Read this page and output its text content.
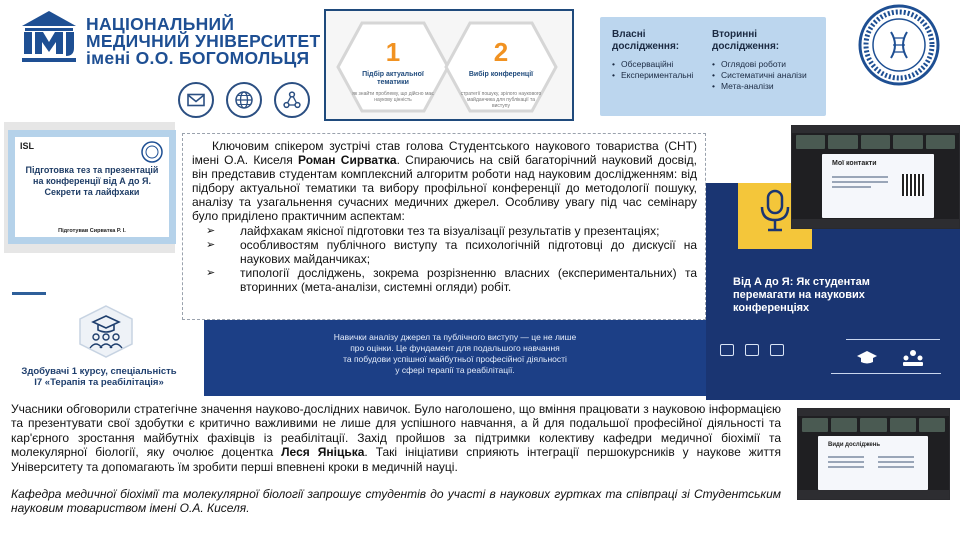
НАЦІОНАЛЬНИЙ
МЕДИЧНИЙ УНІВЕРСИТЕТ
імені О.О. БОГОМОЛЬЦЯ	1
Підбір актуальної тематики
як знайти проблему, що дійсно має наукову цінність
2
Вибір конференції
стратегії пошуку, зрілого наукового майданчика для публікації та виступу
Власні
дослідження:
• Обсерваційні
• Експериментальні
Вторинні
дослідження:
• Оглядові роботи
• Систематичні аналізи
• Мета-аналізи
ISL
Підготовка тез та презентацій на конференції від А до Я. Секрети та лайфхаки
Підготував Сирватка Р. І.
Здобувачі 1 курсу, спеціальність
I7 «Терапія та реабілітація»
Навички аналізу джерел та публічного виступу — це не лише
про оцінки. Це фундамент для подальшого навчання
та побудови успішної майбутньої професійної діяльності
у сфері терапії та реабілітації.

Ключовим спікером зустрічі став голова Студентського наукового товариства (СНТ) імені О.А. Киселя Роман Сирватка. Спираючись на свій багаторічний науковий досвід, він представив студентам комплексний алгоритм роботи над науковим дослідженням: від підбору актуальної тематики та вибору профільної конференції до методології пошуку, аналізу та узагальнення сучасних медичних джерел. Особливу увагу під час семінару було приділено практичним аспектам:

➢ лайфхакам якісної підготовки тез та візуалізації результатів у презентаціях;
➢ особливостям публічного виступу та психологічній підготовці до дискусії на наукових майданчиках;
➢ типології досліджень, зокрема розрізненню власних (експериментальних) та вторинних (мета-аналізи, системні огляди) робіт.	Від А до Я: Як студентам перемагати на наукових конференціях
Мої контакти
Види досліджень

Учасники обговорили стратегічне значення науково-дослідних навичок. Було наголошено, що вміння працювати з науковою інформацією та презентувати свої здобутки є критично важливими не лише для успішного навчання, а й для подальшої професійної діяльності та кар'єрного зростання майбутніх фахівців із реабілітації. Захід пройшов за підтримки колективу кафедри медичної біохімії та молекулярної біології, яку очолює доцентка Леся Яніцька. Такі ініціативи сприяють інтеграції першокурсників у наукове життя Університету та допомагають їм зробити перші впевнені кроки в медичній науці.

Кафедра медичної біохімії та молекулярної біології запрошує студентів до участі в наукових гуртках та співпраці зі Студентським науковим товариством імені О.А. Киселя.
